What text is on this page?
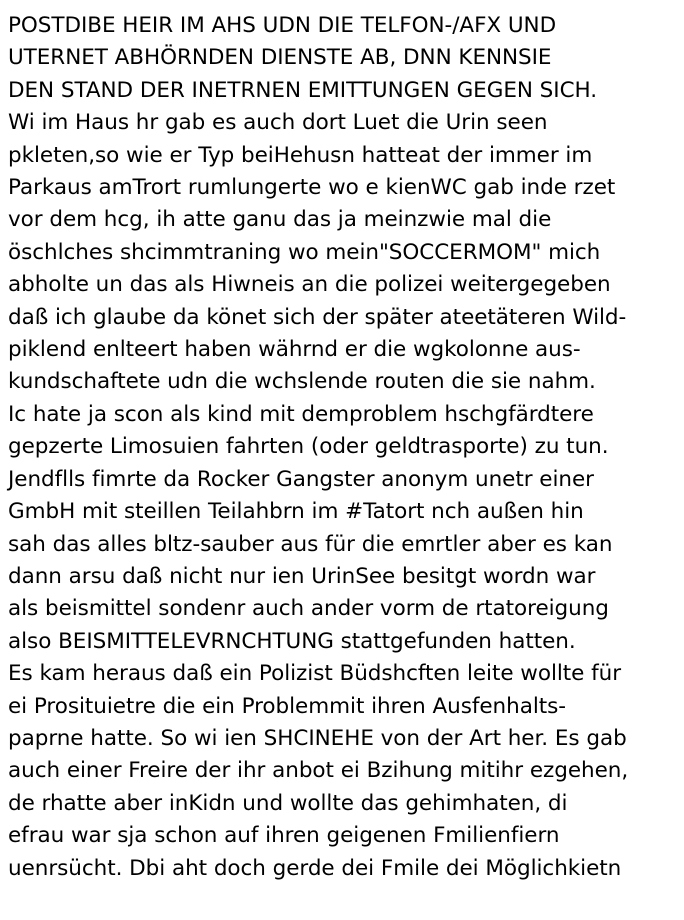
POSTDIBE HEIR IM AHS UDN DIE TELFON-/AFX UND
UTERNET ABHÖRNDEN DIENSTE AB, DNN KENNSIE
DEN STAND DER INETRNEN EMITTUNGEN GEGEN SICH.
Wi im Haus hr gab es auch dort Luet die Urin seen
pkleten,so wie er Typ beiHehusn hatteat der immer im
Parkaus amTrort rumlungerte wo e kienWC gab inde rzet
vor dem hcg, ih atte ganu das ja meinzwie mal die
öschlches shcimmtraning wo mein"SOCCERMOM" mich
abholte un das als Hiwneis an die polizei weitergegeben
daß ich glaube da könet sich der später ateetäteren Wild-
piklend enlteert haben währnd er die wgkolonne aus-
kundschaftete udn die wchslende routen die sie nahm.
Ic hate ja scon als kind mit demproblem hschgfärdtere
gepzerte Limosuien fahrten (oder geldtrasporte) zu tun.
Jendflls fimrte da Rocker Gangster anonym unetr einer
GmbH mit steillen Teilahbrn im #Tatort nch außen hin
sah das alles bltz-sauber aus für die emrtler aber es kan
dann arsu daß nicht nur ien UrinSee besitgt wordn war
als beismittel sondenr auch ander vorm de rtatoreigung
also BEISMITTELEVRNCHTUNG stattgefunden hatten.
Es kam heraus daß ein Polizist Büdshcften leite wollte für
ei Prosituietre die ein Problemmit ihren Ausfenhalts-
paprne hatte. So wi ien SHCINEHE von der Art her. Es gab
auch einer Freire der ihr anbot ei Bzihung mitihr ezgehen,
de rhatte aber inKidn und wollte das gehimhaten, di
efrau war sja schon auf ihren geigenen Fmilienfiern
uenrsücht. Dbi aht doch gerde dei Fmile dei Möglichkietn
